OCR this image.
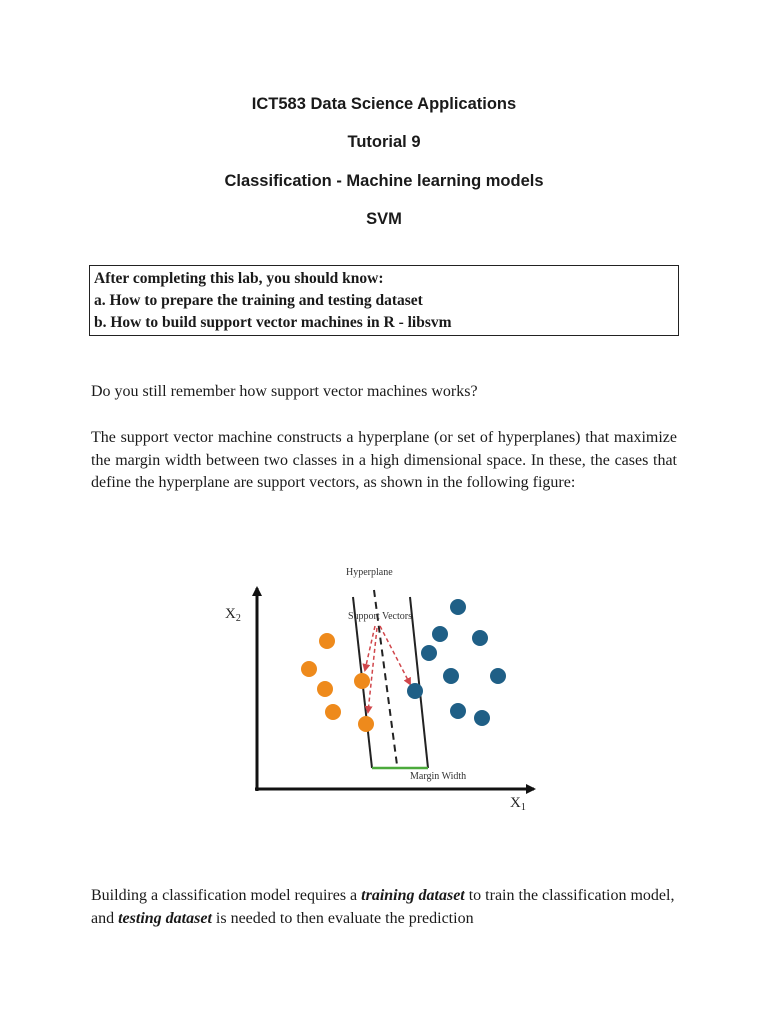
ICT583 Data Science Applications
Tutorial 9
Classification - Machine learning models
SVM
After completing this lab, you should know:
a. How to prepare the training and testing dataset
b. How to build support vector machines in R - libsvm

Do you still remember how support vector machines works?

The support vector machine constructs a hyperplane (or set of hyperplanes) that maximize the margin width between two classes in a high dimensional space. In these, the cases that define the hyperplane are support vectors, as shown in the following figure:

$X_2$
$X_1$
Hyperplane
Support Vectors
Margin Width

Building a classification model requires a training dataset to train the classification model, and testing dataset is needed to then evaluate the prediction
